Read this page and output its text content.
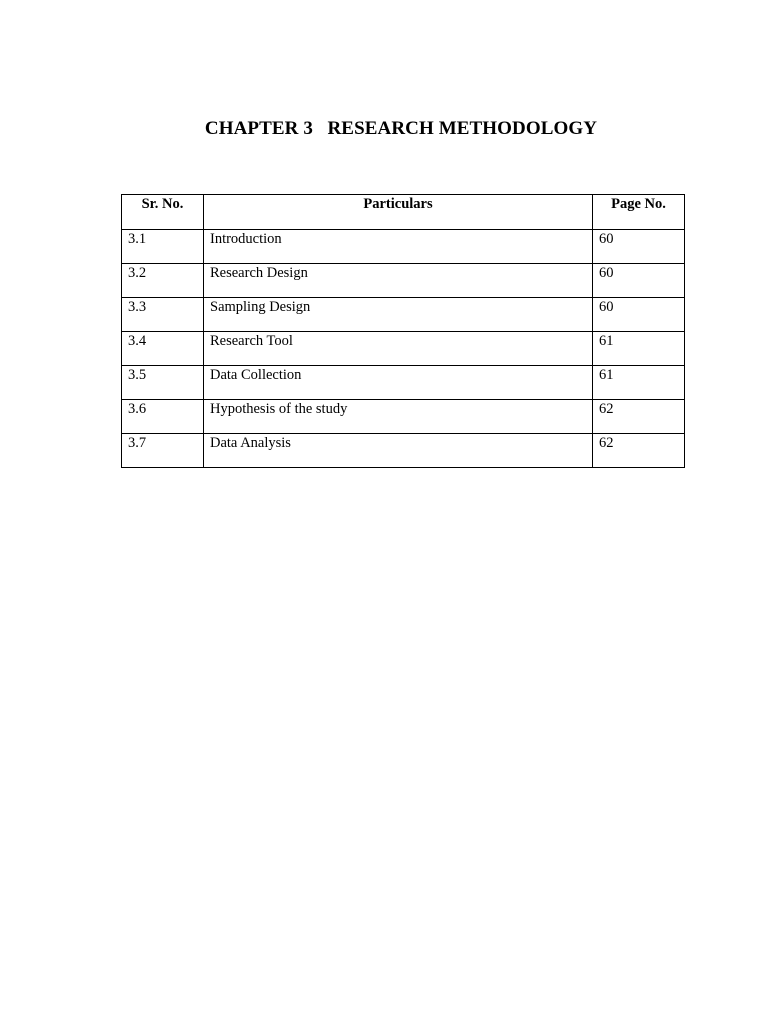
CHAPTER 3 RESEARCH METHODOLOGY
Sr. No.	Particulars	Page No.
3.1	Introduction	60
3.2	Research Design	60
3.3	Sampling Design	60
3.4	Research Tool	61
3.5	Data Collection	61
3.6	Hypothesis of the study	62
3.7	Data Analysis	62
